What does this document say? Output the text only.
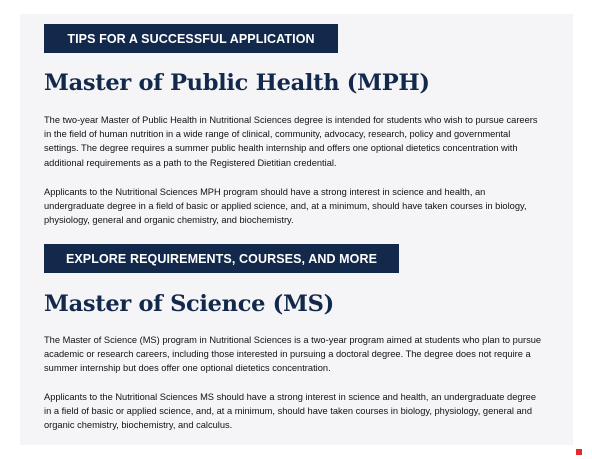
TIPS FOR A SUCCESSFUL APPLICATION
Master of Public Health (MPH)

The two-year Master of Public Health in Nutritional Sciences degree is intended for students who wish to pursue careers in the field of human nutrition in a wide range of clinical, community, advocacy, research, policy and governmental settings. The degree requires a summer public health internship and offers one optional dietetics concentration with additional requirements as a path to the Registered Dietitian credential.

Applicants to the Nutritional Sciences MPH program should have a strong interest in science and health, an undergraduate degree in a field of basic or applied science, and, at a minimum, should have taken courses in biology, physiology, general and organic chemistry, and biochemistry.

EXPLORE REQUIREMENTS, COURSES, AND MORE
Master of Science (MS)

The Master of Science (MS) program in Nutritional Sciences is a two-year program aimed at students who plan to pursue academic or research careers, including those interested in pursuing a doctoral degree. The degree does not require a summer internship but does offer one optional dietetics concentration.

Applicants to the Nutritional Sciences MS should have a strong interest in science and health, an undergraduate degree in a field of basic or applied science, and, at a minimum, should have taken courses in biology, physiology, general and organic chemistry, biochemistry, and calculus.
